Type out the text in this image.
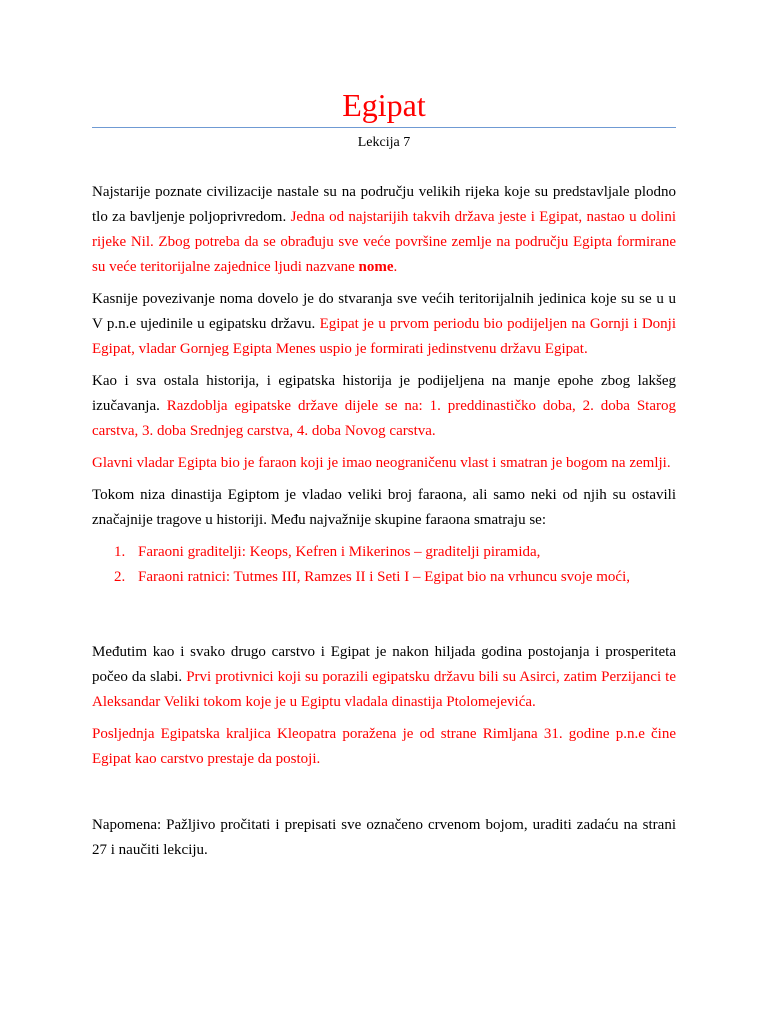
Egipat
Lekcija 7

Najstarije poznate civilizacije nastale su na području velikih rijeka koje su predstavljale plodno tlo za bavljenje poljoprivredom. Jedna od najstarijih takvih država jeste i Egipat, nastao u dolini rijeke Nil. Zbog potreba da se obrađuju sve veće površine zemlje na području Egipta formirane su veće teritorijalne zajednice ljudi nazvane nome.

Kasnije povezivanje noma dovelo je do stvaranja sve većih teritorijalnih jedinica koje su se u u V p.n.e ujedinile u egipatsku državu. Egipat je u prvom periodu bio podijeljen na Gornji i Donji Egipat, vladar Gornjeg Egipta Menes uspio je formirati jedinstvenu državu Egipat.

Kao i sva ostala historija, i egipatska historija je podijeljena na manje epohe zbog lakšeg izučavanja. Razdoblja egipatske države dijele se na: 1. preddinastičko doba, 2. doba Starog carstva, 3. doba Srednjeg carstva, 4. doba Novog carstva.

Glavni vladar Egipta bio je faraon koji je imao neograničenu vlast i smatran je bogom na zemlji.

Tokom niza dinastija Egiptom je vladao veliki broj faraona, ali samo neki od njih su ostavili značajnije tragove u historiji. Među najvažnije skupine faraona smatraju se:

1. Faraoni graditelji: Keops, Kefren i Mikerinos – graditelji piramida,
2. Faraoni ratnici: Tutmes III, Ramzes II i Seti I – Egipat bio na vrhuncu svoje moći,

Međutim kao i svako drugo carstvo i Egipat je nakon hiljada godina postojanja i prosperiteta počeo da slabi. Prvi protivnici koji su porazili egipatsku državu bili su Asirci, zatim Perzijanci te Aleksandar Veliki tokom koje je u Egiptu vladala dinastija Ptolomejevića.

Posljednja Egipatska kraljica Kleopatra poražena je od strane Rimljana 31. godine p.n.e čine Egipat kao carstvo prestaje da postoji.

Napomena: Pažljivo pročitati i prepisati sve označeno crvenom bojom, uraditi zadaću na strani 27 i naučiti lekciju.
